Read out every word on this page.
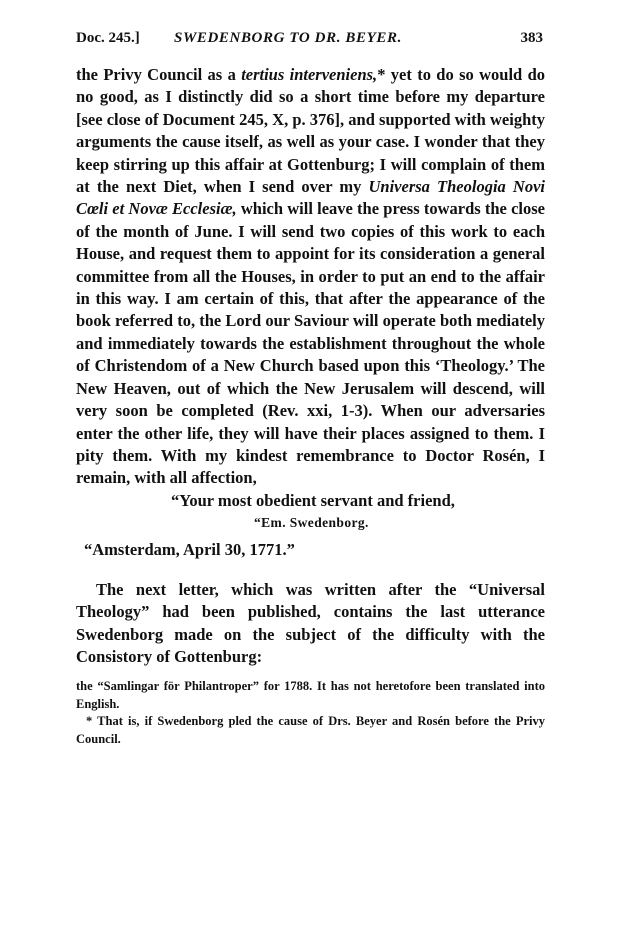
Doc. 245.] SWEDENBORG TO DR. BEYER.	383

the Privy Council as a tertius interveniens,* yet to do so would do no good, as I distinctly did so a short time before my departure [see close of Document 245, X, p. 376], and supported with weighty arguments the cause itself, as well as your case. I wonder that they keep stirring up this affair at Gottenburg; I will complain of them at the next Diet, when I send over my Universa Theologia Novi Cœli et Novæ Ecclesiæ, which will leave the press towards the close of the month of June. I will send two copies of this work to each House, and request them to appoint for its consideration a general committee from all the Houses, in order to put an end to the affair in this way. I am certain of this, that after the appearance of the book referred to, the Lord our Saviour will operate both mediately and immediately towards the establishment throughout the whole of Christendom of a New Church based upon this ‘Theology.’ The New Heaven, out of which the New Jerusalem will descend, will very soon be completed (Rev. xxi, 1-3). When our adversaries enter the other life, they will have their places assigned to them. I pity them. With my kindest remembrance to Doctor Rosén, I remain, with all affection,

“Your most obedient servant and friend,

“Em. Swedenborg.

“Amsterdam, April 30, 1771.”

The next letter, which was written after the “Universal Theology” had been published, contains the last utterance Swedenborg made on the subject of the difficulty with the Consistory of Gottenburg:

the “Samlingar för Philantroper” for 1788. It has not heretofore been translated into English.

* That is, if Swedenborg pled the cause of Drs. Beyer and Rosén before the Privy Council.
